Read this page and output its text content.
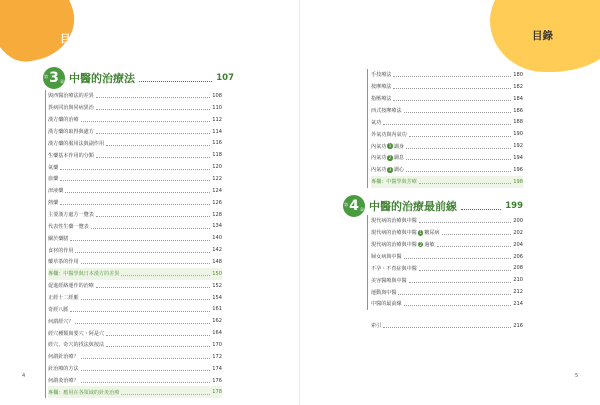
目錄	目錄
第 3 章 中醫的治療法	107
與西醫治療法的差異	108
異病同治與同病異治	110
漢方藥的治療	112
漢方藥的取得與處方	114
漢方藥的服用法與副作用	116
生藥基本作用的分類	118
氣藥	120
血藥	122
津液藥	124
熱藥	126
主要漢方處方一覽表	128
代表性生藥一覽表	134
關於藥膳	140
食材的作用	142
藥草茶的作用	148
專欄：中醫學與日本漢方的差異	150
促進經絡運作的治療	152
正經十二經脈	154
奇經八脈	161
何謂經穴？	162
經穴種類與要穴・阿是穴	164
經穴、奇穴的找法與按法	170
何謂針治療？	172
針治療的方法	174
何謂灸治療？	176
專欄：應用在各領域的針灸治療	178
手技療法	180
按摩療法	182
指壓療法	184
西式按摩療法	186
氣功	188
外氣功與內氣功	190
內氣功 1 調身	192
內氣功 2 調息	194
內氣功 3 調心	196
專欄：中醫學與芳療	198
第 4 章 中醫的治療最前線	199
現代病的治療與中醫	200
現代病的治療與中醫 1 糖尿病	202
現代病的治療與中醫 2 過敏	204
婦女病與中醫	206
不孕・不育症與中醫	208
美容醫療與中醫	210
運動與中醫	212
中醫的最前線	214
索引	216
4	5
